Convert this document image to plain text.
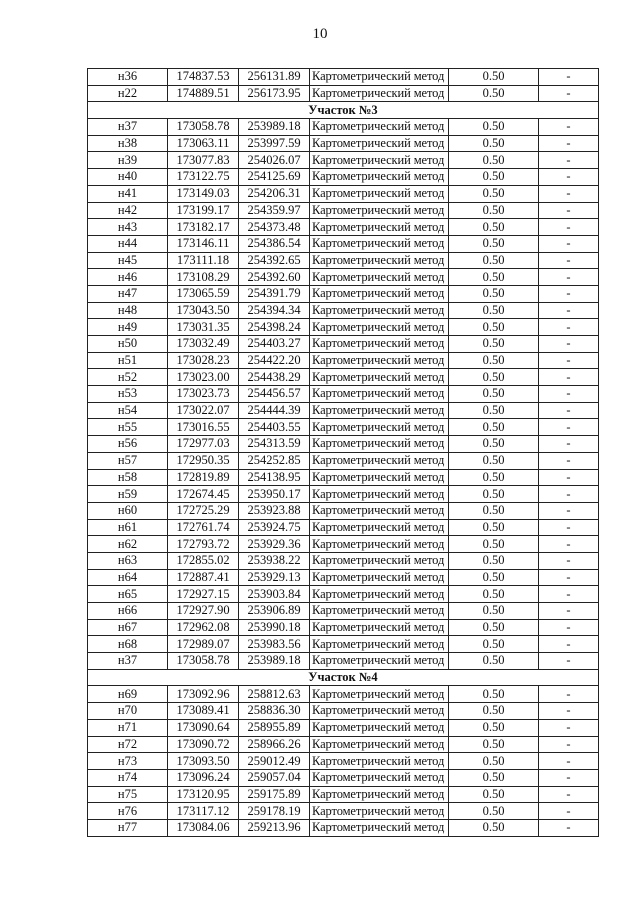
10
н36	174837.53	256131.89	Картометрический метод	0.50	-
н22	174889.51	256173.95	Картометрический метод	0.50	-
Участок №3					
н37	173058.78	253989.18	Картометрический метод	0.50	-
н38	173063.11	253997.59	Картометрический метод	0.50	-
н39	173077.83	254026.07	Картометрический метод	0.50	-
н40	173122.75	254125.69	Картометрический метод	0.50	-
н41	173149.03	254206.31	Картометрический метод	0.50	-
н42	173199.17	254359.97	Картометрический метод	0.50	-
н43	173182.17	254373.48	Картометрический метод	0.50	-
н44	173146.11	254386.54	Картометрический метод	0.50	-
н45	173111.18	254392.65	Картометрический метод	0.50	-
н46	173108.29	254392.60	Картометрический метод	0.50	-
н47	173065.59	254391.79	Картометрический метод	0.50	-
н48	173043.50	254394.34	Картометрический метод	0.50	-
н49	173031.35	254398.24	Картометрический метод	0.50	-
н50	173032.49	254403.27	Картометрический метод	0.50	-
н51	173028.23	254422.20	Картометрический метод	0.50	-
н52	173023.00	254438.29	Картометрический метод	0.50	-
н53	173023.73	254456.57	Картометрический метод	0.50	-
н54	173022.07	254444.39	Картометрический метод	0.50	-
н55	173016.55	254403.55	Картометрический метод	0.50	-
н56	172977.03	254313.59	Картометрический метод	0.50	-
н57	172950.35	254252.85	Картометрический метод	0.50	-
н58	172819.89	254138.95	Картометрический метод	0.50	-
н59	172674.45	253950.17	Картометрический метод	0.50	-
н60	172725.29	253923.88	Картометрический метод	0.50	-
н61	172761.74	253924.75	Картометрический метод	0.50	-
н62	172793.72	253929.36	Картометрический метод	0.50	-
н63	172855.02	253938.22	Картометрический метод	0.50	-
н64	172887.41	253929.13	Картометрический метод	0.50	-
н65	172927.15	253903.84	Картометрический метод	0.50	-
н66	172927.90	253906.89	Картометрический метод	0.50	-
н67	172962.08	253990.18	Картометрический метод	0.50	-
н68	172989.07	253983.56	Картометрический метод	0.50	-
н37	173058.78	253989.18	Картометрический метод	0.50	-
Участок №4					
н69	173092.96	258812.63	Картометрический метод	0.50	-
н70	173089.41	258836.30	Картометрический метод	0.50	-
н71	173090.64	258955.89	Картометрический метод	0.50	-
н72	173090.72	258966.26	Картометрический метод	0.50	-
н73	173093.50	259012.49	Картометрический метод	0.50	-
н74	173096.24	259057.04	Картометрический метод	0.50	-
н75	173120.95	259175.89	Картометрический метод	0.50	-
н76	173117.12	259178.19	Картометрический метод	0.50	-
н77	173084.06	259213.96	Картометрический метод	0.50	-
